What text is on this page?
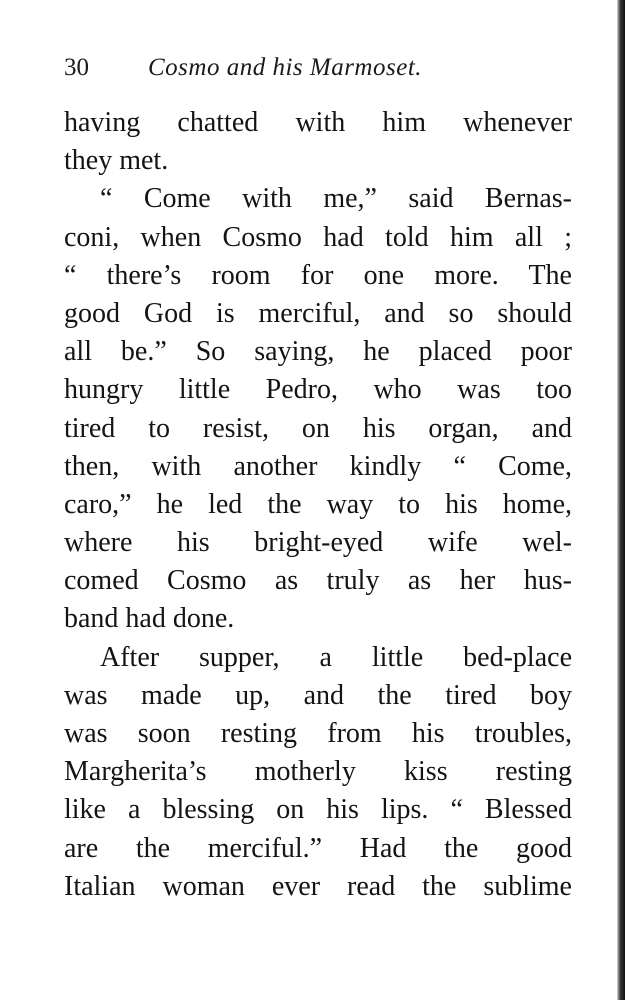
30 Cosmo and his Marmoset.
having chatted with him whenever
they met.
“ Come with me,” said Bernas-
coni, when Cosmo had told him all ;
“ there’s room for one more. The
good God is merciful, and so should
all be.” So saying, he placed poor
hungry little Pedro, who was too
tired to resist, on his organ, and
then, with another kindly “ Come,
caro,” he led the way to his home,
where his bright-eyed wife wel-
comed Cosmo as truly as her hus-
band had done.
After supper, a little bed-place
was made up, and the tired boy
was soon resting from his troubles,
Margherita’s motherly kiss resting
like a blessing on his lips. “ Blessed
are the merciful.” Had the good
Italian woman ever read the sublime
